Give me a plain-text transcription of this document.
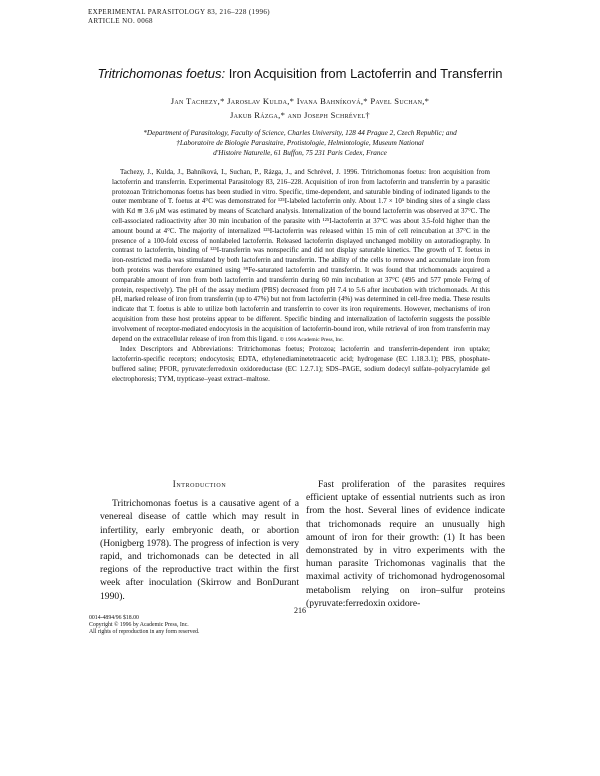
EXPERIMENTAL PARASITOLOGY 83, 216–228 (1996)
ARTICLE NO. 0068
Tritrichomonas foetus: Iron Acquisition from Lactoferrin and Transferrin
Jan Tachezy,* Jaroslav Kulda,* Ivana Bahníková,* Pavel Suchan,*
Jakub Rázga,* and Joseph Schrével†
*Department of Parasitology, Faculty of Science, Charles University, 128 44 Prague 2, Czech Republic; and
†Laboratoire de Biologie Parasitaire, Protistologie, Helmintologie, Museum National
d'Histoire Naturelle, 61 Buffon, 75 231 Paris Cedex, France

Tachezy, J., Kulda, J., Bahníková, I., Suchan, P., Rázga, J., and Schrével, J. 1996. Tritrichomonas foetus: Iron acquisition from lactoferrin and transferrin. Experimental Parasitology 83, 216–228. Acquisition of iron from lactoferrin and transferrin by a parasitic protozoan Tritrichomonas foetus has been studied in vitro. Specific, time-dependent, and saturable binding of iodinated ligands to the outer membrane of T. foetus at 4°C was demonstrated for ¹²⁵I-labeled lactoferrin only. About 1.7 × 10⁵ binding sites of a single class with Kd ≅ 3.6 μM was estimated by means of Scatchard analysis. Internalization of the bound lactoferrin was observed at 37°C. The cell-associated radioactivity after 30 min incubation of the parasite with ¹²⁵I-lactoferrin at 37°C was about 3.5-fold higher than the amount bound at 4°C. The majority of internalized ¹²⁵I-lactoferrin was released within 15 min of cell reincubation at 37°C in the presence of a 100-fold excess of nonlabeled lactoferrin. Released lactoferrin displayed unchanged mobility on autoradiography. In contrast to lactoferrin, binding of ¹²⁵I-transferrin was nonspecific and did not display saturable kinetics. The growth of T. foetus in iron-restricted media was stimulated by both lactoferrin and transferrin. The ability of the cells to remove and accumulate iron from both proteins was therefore examined using ⁵⁹Fe-saturated lactoferrin and transferrin. It was found that trichomonads acquired a comparable amount of iron from both lactoferrin and transferrin during 60 min incubation at 37°C (495 and 577 pmole Fe/mg of protein, respectively). The pH of the assay medium (PBS) decreased from pH 7.4 to 5.6 after incubation with trichomonads. At this pH, marked release of iron from transferrin (up to 47%) but not from lactoferrin (4%) was determined in cell-free media. These results indicate that T. foetus is able to utilize both lactoferrin and transferrin to cover its iron requirements. However, mechanisms of iron acquisition from these host proteins appear to be different. Specific binding and internalization of lactoferrin suggests the possible involvement of receptor-mediated endocytosis in the acquisition of lactoferrin-bound iron, while retrieval of iron from transferrin may depend on the extracellular release of iron from this ligand. © 1996 Academic Press, Inc.

Index Descriptors and Abbreviations: Tritrichomonas foetus; Protozoa; lactoferrin and transferrin-dependent iron uptake; lactoferrin-specific receptors; endocytosis; EDTA, ethylenediaminetetraacetic acid; hydrogenase (EC 1.18.3.1); PBS, phosphate-buffered saline; PFOR, pyruvate:ferredoxin oxidoreductase (EC 1.2.7.1); SDS–PAGE, sodium dodecyl sulfate–polyacrylamide gel electrophoresis; TYM, trypticase–yeast extract–maltose.

Introduction

Tritrichomonas foetus is a causative agent of a venereal disease of cattle which may result in infertility, early embryonic death, or abortion (Honigberg 1978). The progress of infection is very rapid, and trichomonads can be detected in all regions of the reproductive tract within the first week after inoculation (Skirrow and BonDurant 1990).

Fast proliferation of the parasites requires efficient uptake of essential nutrients such as iron from the host. Several lines of evidence indicate that trichomonads require an unusually high amount of iron for their growth: (1) It has been demonstrated by in vitro experiments with the human parasite Trichomonas vaginalis that the maximal activity of trichomonad hydrogenosomal metabolism relying on iron–sulfur proteins (pyruvate:ferredoxin oxidore-

216
0014-4894/96 $18.00
Copyright © 1996 by Academic Press, Inc.
All rights of reproduction in any form reserved.
